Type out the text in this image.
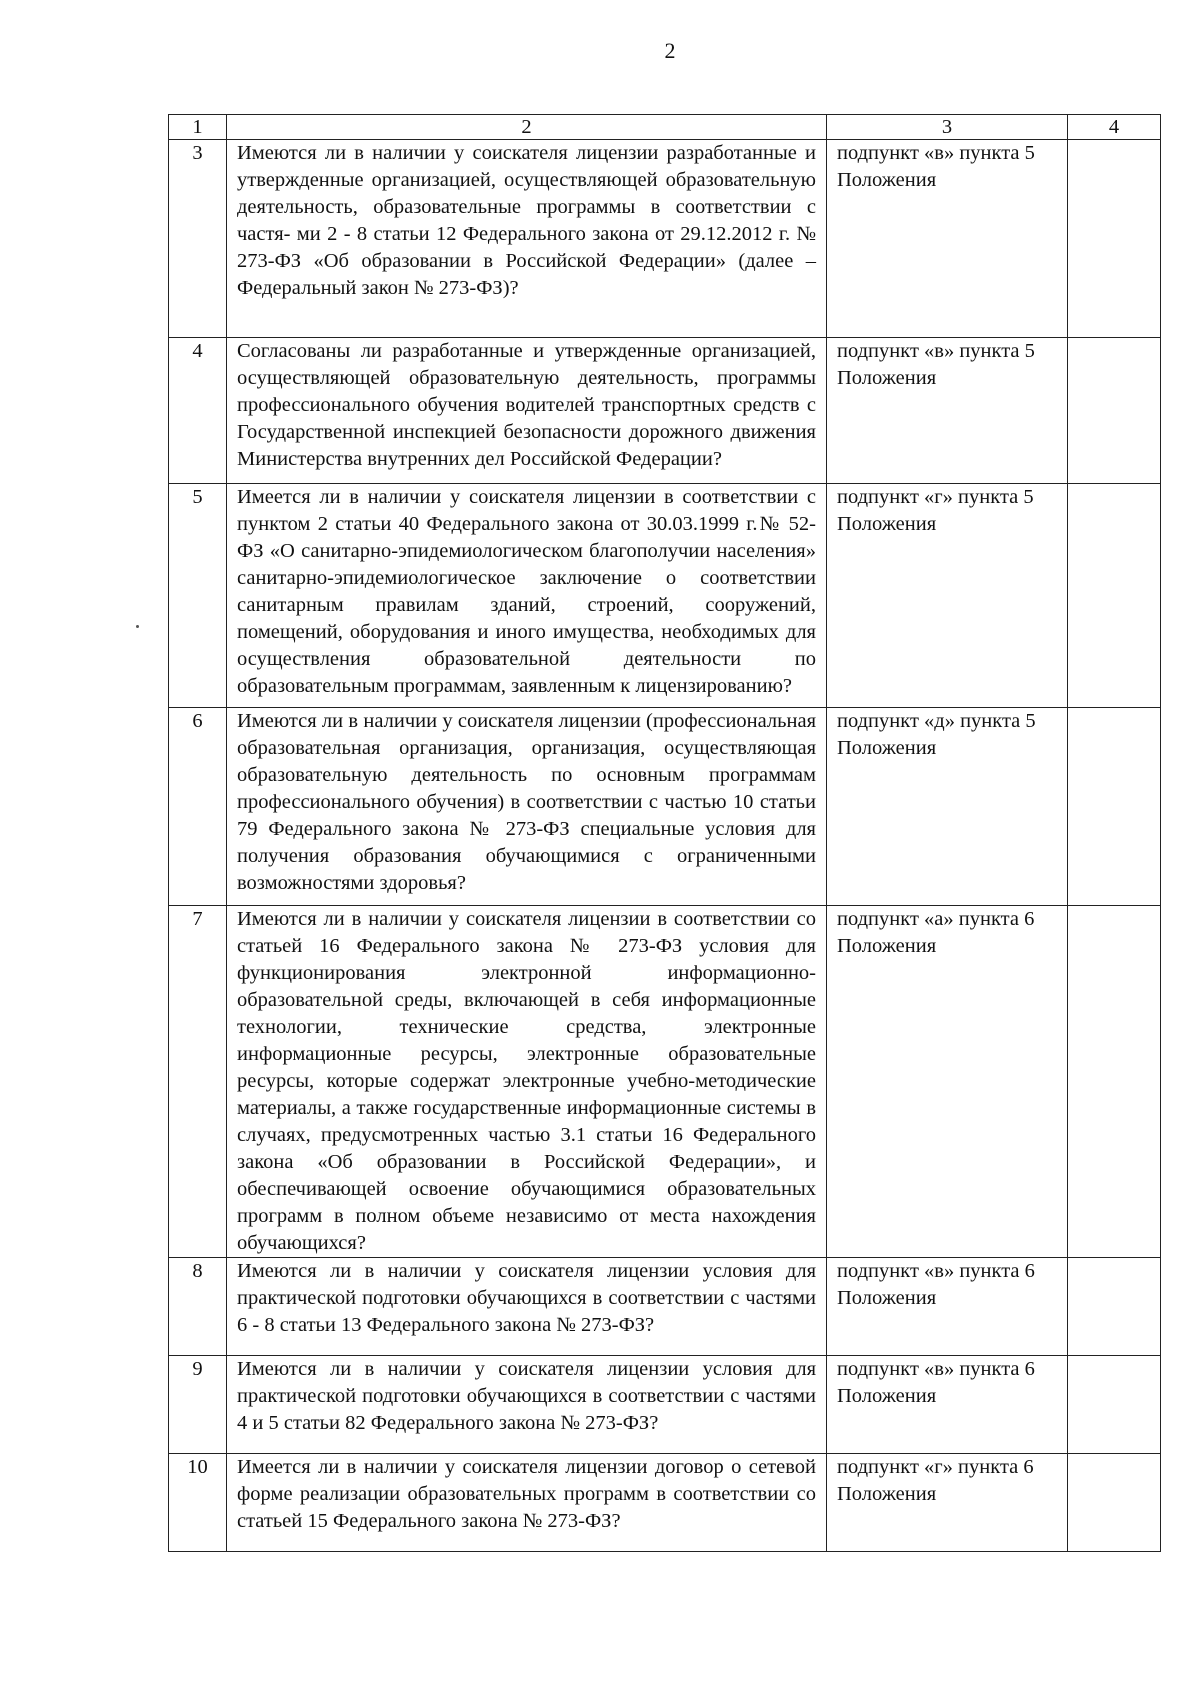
2
1	2	3	4
3	Имеются ли в наличии у соискателя лицензии разработанные и утвержденные организацией, осуществляющей образовательную деятельность, образовательные программы в соответствии с частя- ми 2 - 8 статьи 12 Федерального закона от 29.12.2012 г. № 273-ФЗ «Об образовании в Российской Федерации» (далее – Федеральный закон № 273-ФЗ)?	подпункт «в» пункта 5 Положения	
4	Согласованы ли разработанные и утвержденные организацией, осуществляющей образовательную деятельность, программы профессионального обучения водителей транспортных средств с Государственной инспекцией безопасности дорожного движения Министерства внутренних дел Российской Федерации?	подпункт «в» пункта 5 Положения	
5	Имеется ли в наличии у соискателя лицензии в соответствии с пунктом 2 статьи 40 Федерального закона от 30.03.1999 г.№ 52-ФЗ «О санитарно-эпидемиологическом благополучии населения» санитарно-эпидемиологическое заключение о соответствии санитарным правилам зданий, строений, сооружений, помещений, оборудования и иного имущества, необходимых для осуществления образовательной деятельности по образовательным программам, заявленным к лицензированию?	подпункт «г» пункта 5 Положения	
6	Имеются ли в наличии у соискателя лицензии (профессиональная образовательная организация, организация, осуществляющая образовательную деятельность по основным программам профессионального обучения) в соответствии с частью 10 статьи 79 Федерального закона № 273-ФЗ специальные условия для получения образования обучающимися с ограниченными возможностями здоровья?	подпункт «д» пункта 5 Положения	
7	Имеются ли в наличии у соискателя лицензии в соответствии со статьей 16 Федерального закона № 273-ФЗ условия для функционирования электронной информационно-образовательной среды, включающей в себя информационные технологии, технические средства, электронные информационные ресурсы, электронные образовательные ресурсы, которые содержат электронные учебно-методические материалы, а также государственные информационные системы в случаях, предусмотренных частью 3.1 статьи 16 Федерального закона «Об образовании в Российской Федерации», и обеспечивающей освоение обучающимися образовательных программ в полном объеме независимо от места нахождения обучающихся?	подпункт «а» пункта 6 Положения	
8	Имеются ли в наличии у соискателя лицензии условия для практической подготовки обучающихся в соответствии с частями 6 - 8 статьи 13 Федерального закона № 273-ФЗ?	подпункт «в» пункта 6 Положения	
9	Имеются ли в наличии у соискателя лицензии условия для практической подготовки обучающихся в соответствии с частями 4 и 5 статьи 82 Федерального закона № 273-ФЗ?	подпункт «в» пункта 6 Положения	
10	Имеется ли в наличии у соискателя лицензии договор о сетевой форме реализации образовательных программ в соответствии со статьей 15 Федерального закона № 273-ФЗ?	подпункт «г» пункта 6 Положения	
